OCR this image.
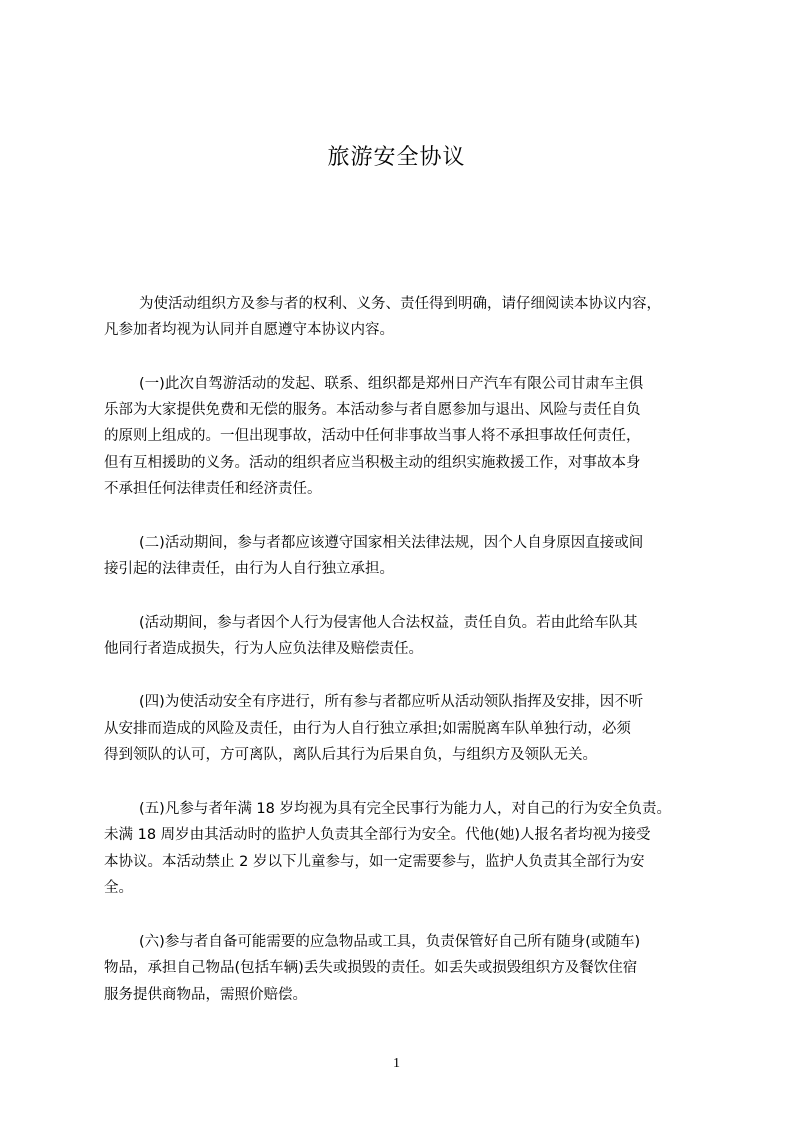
旅游安全协议

为使活动组织方及参与者的权利、义务、责任得到明确，请仔细阅读本协议内容，

凡参加者均视为认同并自愿遵守本协议内容。

(一)此次自驾游活动的发起、联系、组织都是郑州日产汽车有限公司甘肃车主俱

乐部为大家提供免费和无偿的服务。本活动参与者自愿参加与退出、风险与责任自负

的原则上组成的。一但出现事故，活动中任何非事故当事人将不承担事故任何责任，

但有互相援助的义务。活动的组织者应当积极主动的组织实施救援工作，对事故本身

不承担任何法律责任和经济责任。

(二)活动期间，参与者都应该遵守国家相关法律法规，因个人自身原因直接或间

接引起的法律责任，由行为人自行独立承担。

(活动期间，参与者因个人行为侵害他人合法权益，责任自负。若由此给车队其

他同行者造成损失，行为人应负法律及赔偿责任。

(四)为使活动安全有序进行，所有参与者都应听从活动领队指挥及安排，因不听

从安排而造成的风险及责任，由行为人自行独立承担;如需脱离车队单独行动，必须

得到领队的认可，方可离队，离队后其行为后果自负，与组织方及领队无关。

(五)凡参与者年满 18 岁均视为具有完全民事行为能力人，对自己的行为安全负责。

未满 18 周岁由其活动时的监护人负责其全部行为安全。代他(她)人报名者均视为接受

本协议。本活动禁止 2 岁以下儿童参与，如一定需要参与，监护人负责其全部行为安

全。

(六)参与者自备可能需要的应急物品或工具，负责保管好自己所有随身(或随车)

物品，承担自己物品(包括车辆)丢失或损毁的责任。如丢失或损毁组织方及餐饮住宿

服务提供商物品，需照价赔偿。

1
